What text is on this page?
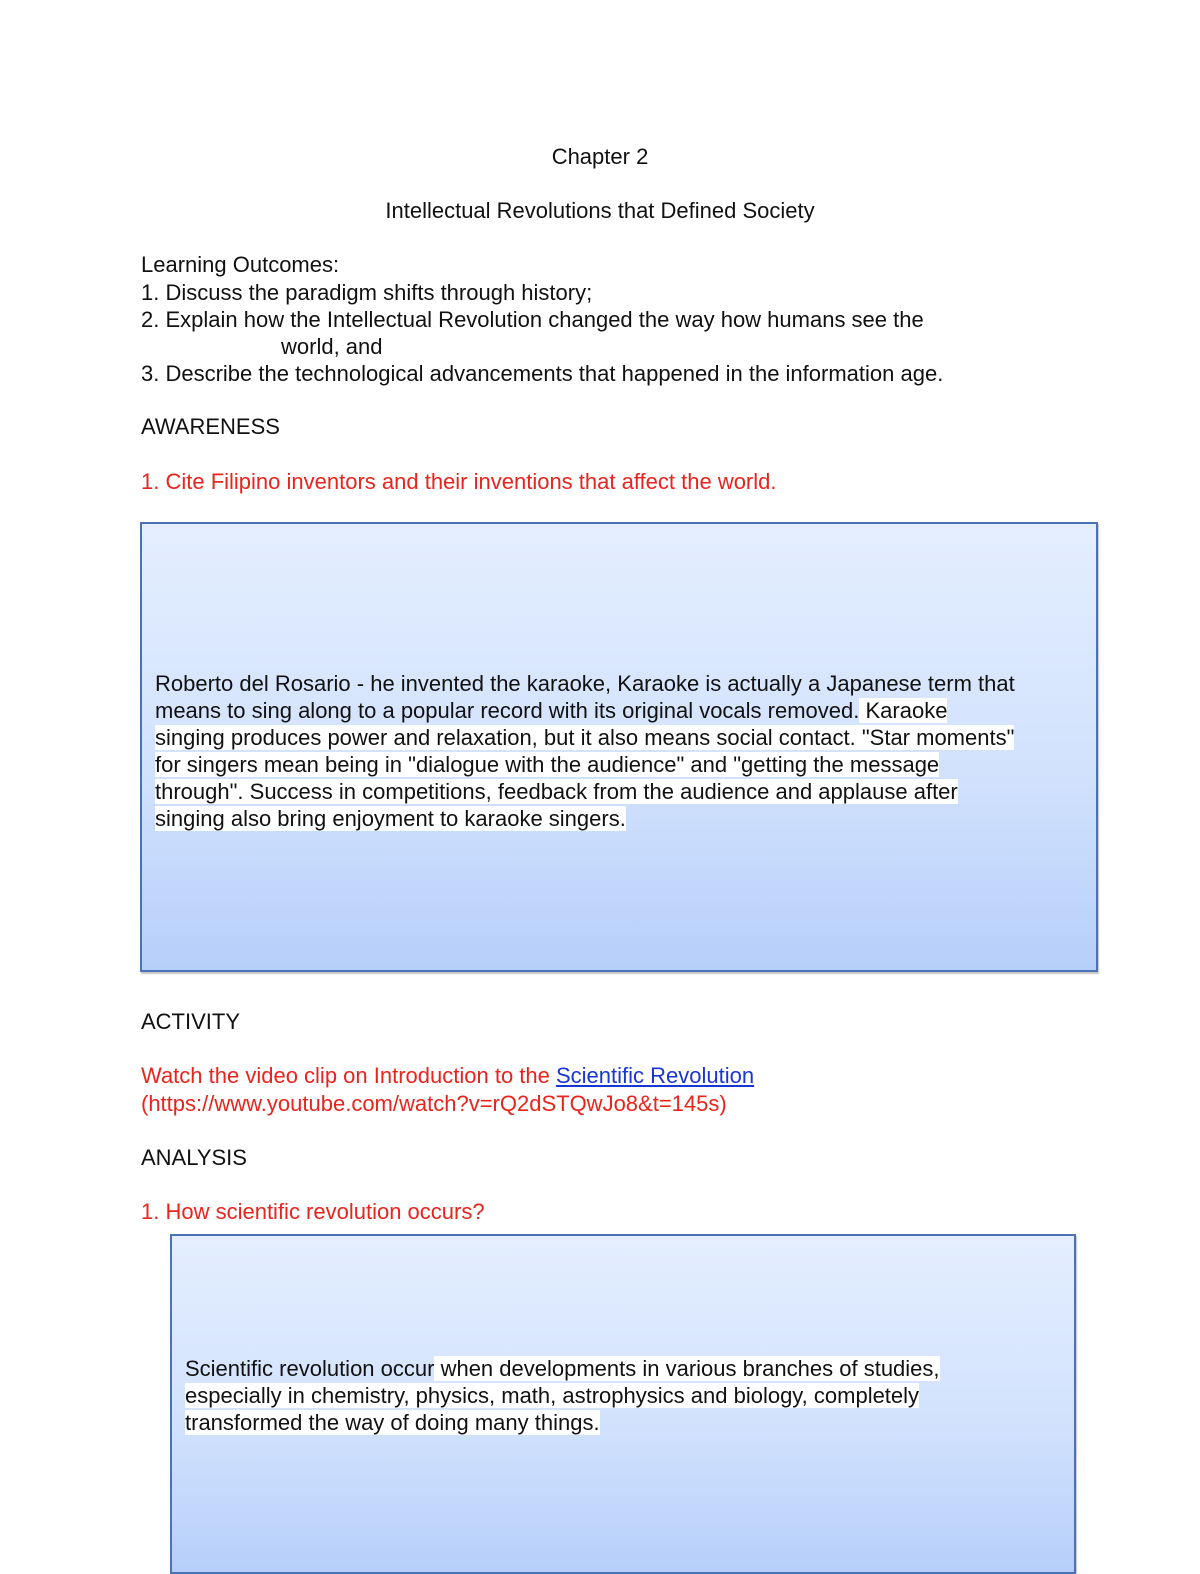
Chapter 2

Intellectual Revolutions that Defined Society

Learning Outcomes:

1. Discuss the paradigm shifts through history;

2. Explain how the Intellectual Revolution changed the way how humans see the

world, and

3. Describe the technological advancements that happened in the information age.

AWARENESS

1. Cite Filipino inventors and their inventions that affect the world.

Roberto del Rosario - he invented the karaoke, Karaoke is actually a Japanese term that
means to sing along to a popular record with its original vocals removed. Karaoke
singing produces power and relaxation, but it also means social contact. "Star moments"
for singers mean being in "dialogue with the audience" and "getting the message
through". Success in competitions, feedback from the audience and applause after
singing also bring enjoyment to karaoke singers.

ACTIVITY

Watch the video clip on Introduction to the Scientific Revolution

(https://www.youtube.com/watch?v=rQ2dSTQwJo8&t=145s)

ANALYSIS

1. How scientific revolution occurs?

Scientific revolution occur when developments in various branches of studies,
especially in chemistry, physics, math, astrophysics and biology, completely
transformed the way of doing many things.
